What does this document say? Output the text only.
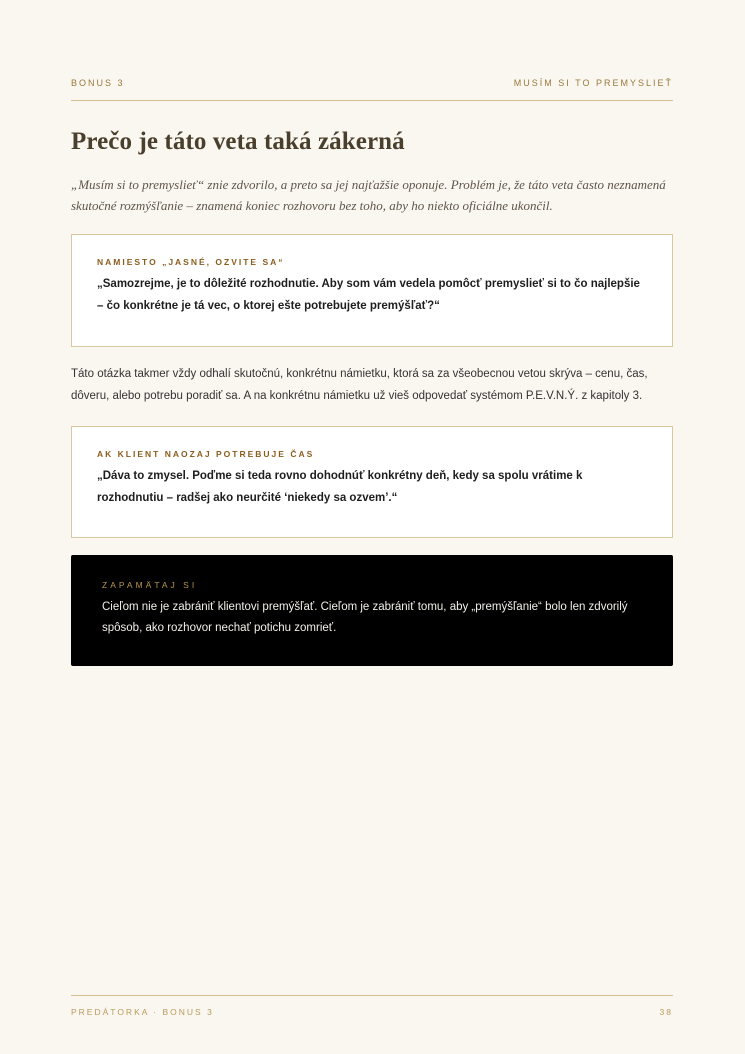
BONUS 3	MUSÍM SI TO PREMYSLIEŤ
Prečo je táto veta taká zákerná

„Musím si to premyslieť“ znie zdvorilo, a preto sa jej najťažšie oponuje. Problém je, že táto veta často neznamená skutočné rozmýšľanie – znamená koniec rozhovoru bez toho, aby ho niekto oficiálne ukončil.

NAMIESTO „JASNÉ, OZVITE SA“

„Samozrejme, je to dôležité rozhodnutie. Aby som vám vedela pomôcť premyslieť si to čo najlepšie – čo konkrétne je tá vec, o ktorej ešte potrebujete premýšľať?“

Táto otázka takmer vždy odhalí skutočnú, konkrétnu námietku, ktorá sa za všeobecnou vetou skrýva – cenu, čas, dôveru, alebo potrebu poradiť sa. A na konkrétnu námietku už vieš odpovedať systémom P.E.V.N.Ý. z kapitoly 3.

AK KLIENT NAOZAJ POTREBUJE ČAS

„Dáva to zmysel. Poďme si teda rovno dohodnúť konkrétny deň, kedy sa spolu vrátime k rozhodnutiu – radšej ako neurčité ‘niekedy sa ozvem’.“

ZAPAMÄTAJ SI

Cieľom nie je zabrániť klientovi premýšľať. Cieľom je zabrániť tomu, aby „premýšľanie“ bolo len zdvorilý spôsob, ako rozhovor nechať potichu zomrieť.

PREDÁTORKA · BONUS 3	38
